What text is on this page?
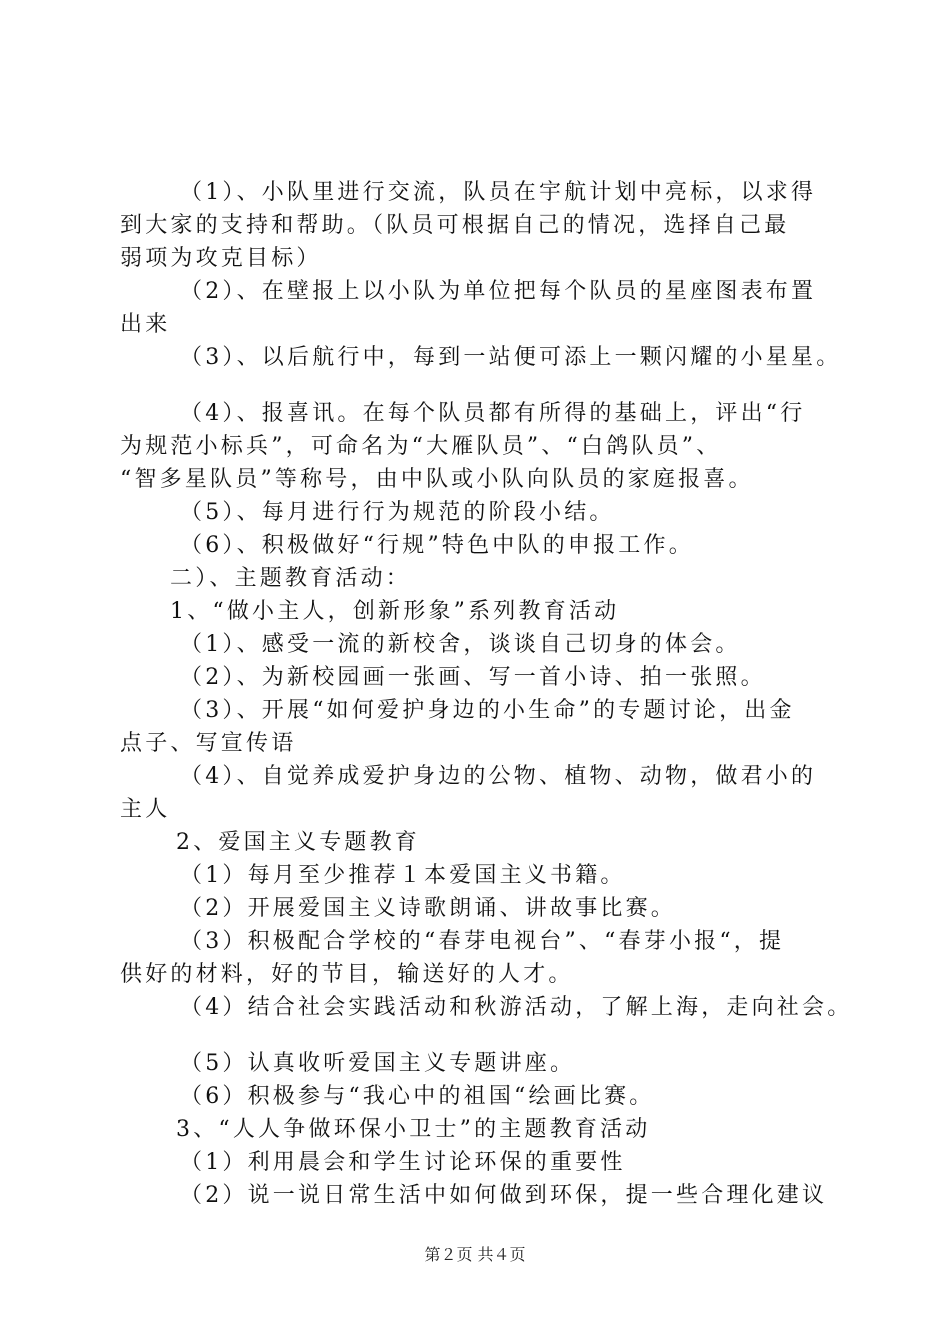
（1）、小队里进行交流，队员在宇航计划中亮标，以求得
到大家的支持和帮助。（队员可根据自己的情况，选择自己最
弱项为攻克目标）
（2）、在壁报上以小队为单位把每个队员的星座图表布置
出来
（3）、以后航行中，每到一站便可添上一颗闪耀的小星星。
（4）、报喜讯。在每个队员都有所得的基础上，评出“行
为规范小标兵”，可命名为“大雁队员”、“白鸽队员”、
“智多星队员”等称号，由中队或小队向队员的家庭报喜。
（5）、每月进行行为规范的阶段小结。
（6）、积极做好“行规”特色中队的申报工作。
二）、主题教育活动：
1、“做小主人，创新形象”系列教育活动
（1）、感受一流的新校舍，谈谈自己切身的体会。
（2）、为新校园画一张画、写一首小诗、拍一张照。
（3）、开展“如何爱护身边的小生命”的专题讨论，出金
点子、写宣传语
（4）、自觉养成爱护身边的公物、植物、动物，做君小的
主人
2、爱国主义专题教育
（1）每月至少推荐１本爱国主义书籍。
（2）开展爱国主义诗歌朗诵、讲故事比赛。
（3）积极配合学校的“春芽电视台”、“春芽小报“，提
供好的材料，好的节目，输送好的人才。
（4）结合社会实践活动和秋游活动，了解上海，走向社会。
（5）认真收听爱国主义专题讲座。
（6）积极参与“我心中的祖国“绘画比赛。
3、“人人争做环保小卫士”的主题教育活动
（1）利用晨会和学生讨论环保的重要性
（2）说一说日常生活中如何做到环保，提一些合理化建议
第２页 共４页
